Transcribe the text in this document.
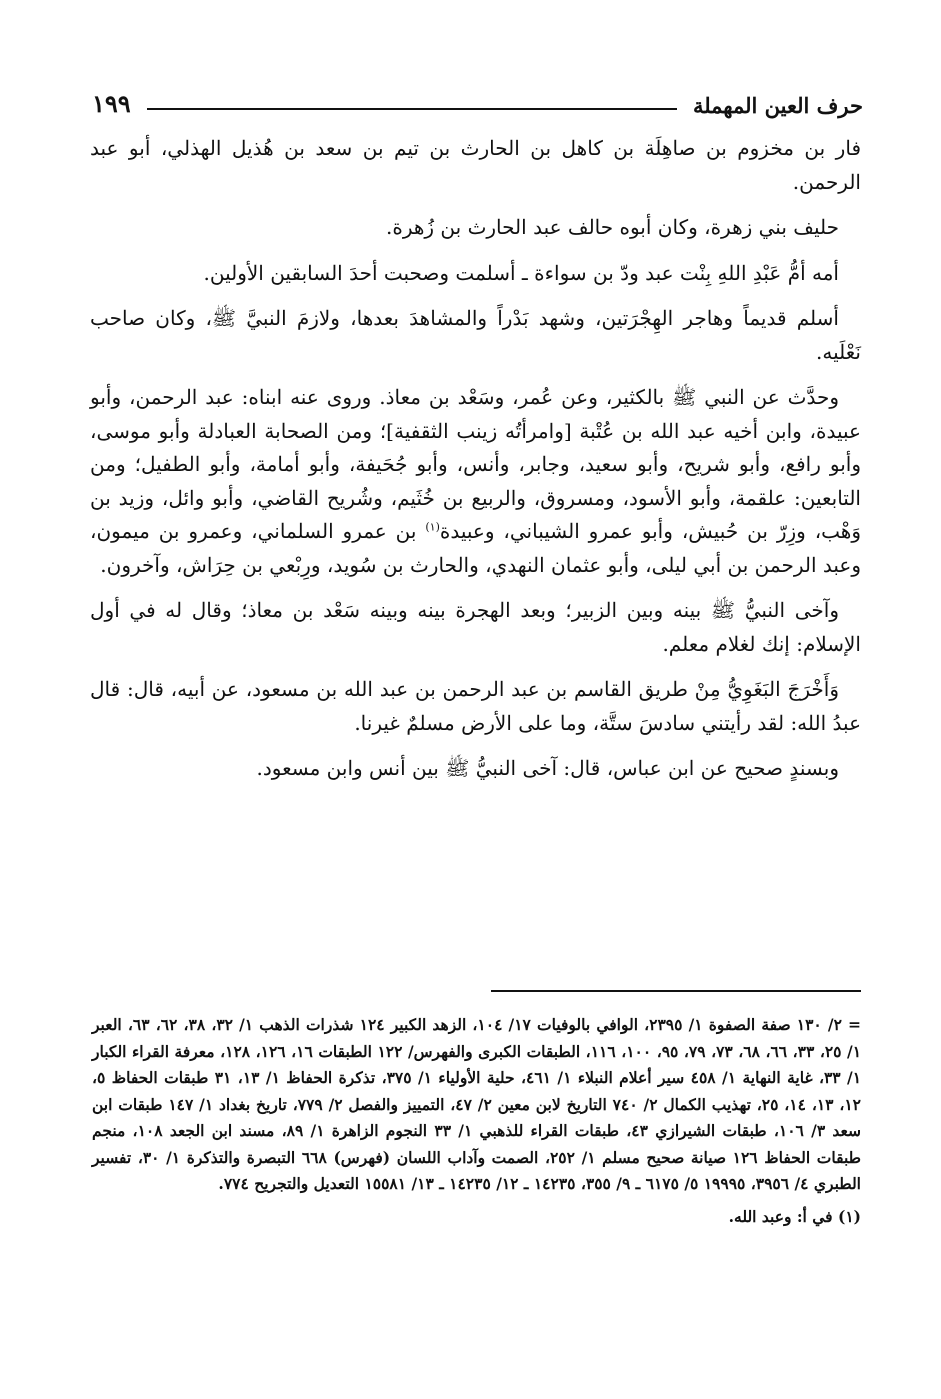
حرف العين المهملة
١٩٩

فار بن مخزوم بن صاهِلَة بن كاهل بن الحارث بن تيم بن سعد بن هُذيل الهذلي، أبو عبد الرحمن.

حليف بني زهرة، وكان أبوه حالف عبد الحارث بن زُهرة.

أمه أمُّ عَبْدِ اللهِ بِنْت عبد ودّ بن سواءة ـ أسلمت وصحبت أحدَ السابقين الأولين.

أسلم قديماً وهاجر الهِجْرَتين، وشهد بَدْراً والمشاهدَ بعدها، ولازمَ النبيَّ ﷺ، وكان صاحب نَعْلَيه.

وحدَّث عن النبي ﷺ بالكثير، وعن عُمر، وسَعْد بن معاذ. وروى عنه ابناه: عبد الرحمن، وأبو عبيدة، وابن أخيه عبد الله بن عُتْبة [وامرأتُه زينب الثقفية]؛ ومن الصحابة العبادلة وأبو موسى، وأبو رافع، وأبو شريح، وأبو سعيد، وجابر، وأنس، وأبو جُحَيفة، وأبو أمامة، وأبو الطفيل؛ ومن التابعين: علقمة، وأبو الأسود، ومسروق، والربيع بن خُثَيم، وشُريح القاضي، وأبو وائل، وزيد بن وَهْب، وزِرّ بن حُبيش، وأبو عمرو الشيباني، وعبيدة$^{(١)}$ بن عمرو السلماني، وعمرو بن ميمون، وعبد الرحمن بن أبي ليلى، وأبو عثمان النهدي، والحارث بن سُويد، ورِبْعي بن حِرَاش، وآخرون.

وآخى النبيُّ ﷺ بينه وبين الزبير؛ وبعد الهجرة بينه وبينه سَعْد بن معاذ؛ وقال له في أول الإسلام: إنك لغلام معلم.

وَأَخْرَجَ البَغَوِيُّ مِنْ طريق القاسم بن عبد الرحمن بن عبد الله بن مسعود، عن أبيه، قال: قال عبدُ الله: لقد رأيتني سادسَ ستَّة، وما على الأرض مسلمٌ غيرنا.

وبسندٍ صحيح عن ابن عباس، قال: آخى النبيُّ ﷺ بين أنس وابن مسعود.

= ٢/ ١٣٠ صفة الصفوة ١/ ٢٣٩٥، الوافي بالوفيات ١٧/ ١٠٤، الزهد الكبير ١٢٤ شذرات الذهب ١/ ٣٢، ٣٨، ٦٢، ٦٣، العبر ١/ ٢٥، ٣٣، ٦٦، ٦٨، ٧٣، ٧٩، ٩٥، ١٠٠، ١١٦، الطبقات الكبرى والفهرس/ ١٢٢ الطبقات ١٦، ١٢٦، ١٢٨، معرفة القراء الكبار ١/ ٣٣، غاية النهاية ١/ ٤٥٨ سير أعلام النبلاء ١/ ٤٦١، حلية الأولياء ١/ ٣٧٥، تذكرة الحفاظ ١/ ١٣، ٣١ طبقات الحفاظ ٥، ١٢، ١٣، ١٤، ٢٥، تهذيب الكمال ٢/ ٧٤٠ التاريخ لابن معين ٢/ ٤٧، التمييز والفصل ٢/ ٧٧٩، تاريخ بغداد ١/ ١٤٧ طبقات ابن سعد ٣/ ١٠٦، طبقات الشيرازي ٤٣، طبقات القراء للذهبي ١/ ٣٣ النجوم الزاهرة ١/ ٨٩، مسند ابن الجعد ١٠٨، منجم طبقات الحفاظ ١٢٦ صيانة صحيح مسلم ١/ ٢٥٢، الصمت وآداب اللسان (فهرس) ٦٦٨ التبصرة والتذكرة ١/ ٣٠، تفسير الطبري ٤/ ٣٩٥٦، ١٩٩٩٥ ٥/ ٦١٧٥ ـ ٩/ ٣٥٥، ١٤٢٣٥ ـ ١٢/ ١٤٢٣٥ ـ ١٣/ ١٥٥٨١ التعديل والتجريح ٧٧٤.

(١) في أ: وعبد الله.
